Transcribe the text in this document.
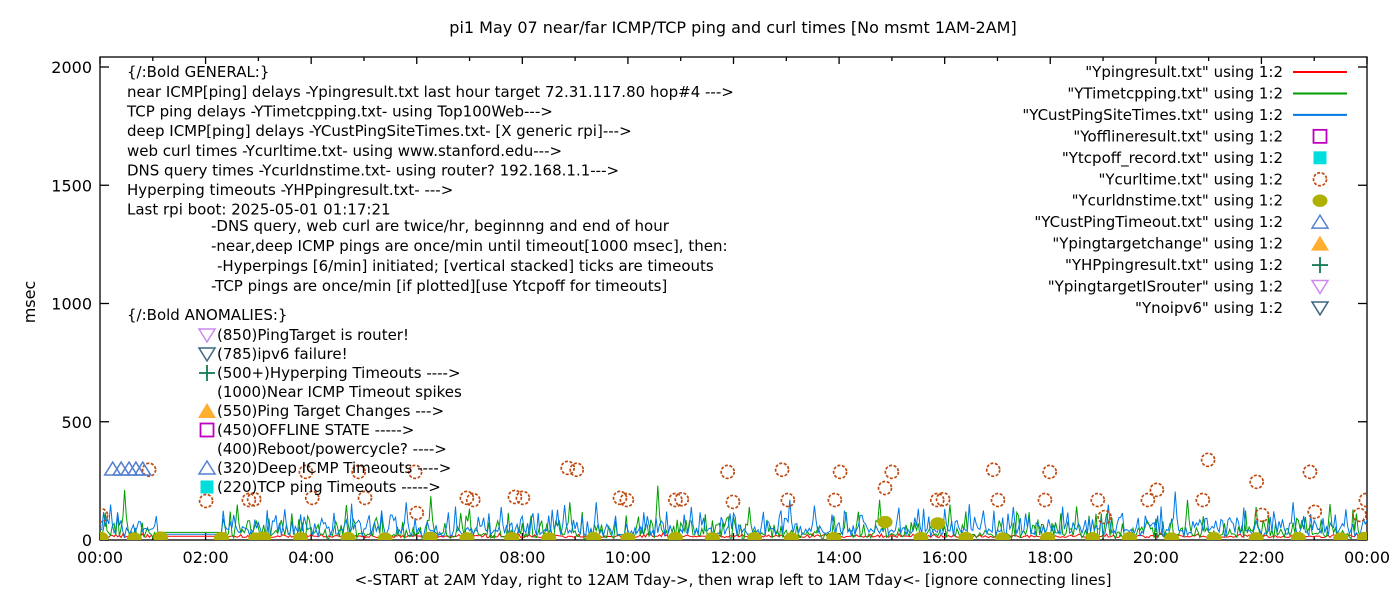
pi1 May 07 near/far ICMP/TCP ping and curl times [No msmt 1AM-2AM]
msec
<-START at 2AM Yday, right to 12AM Tday->, then wrap left to 1AM Tday<- [ignore connecting lines]
0
500
1000
1500
2000
00:00	02:00	04:00	06:00	08:00	10:00	12:00	14:00	16:00	18:00	20:00	22:00	00:00
"Ypingresult.txt" using 1:2
"YTimetcpping.txt" using 1:2
"YCustPingSiteTimes.txt" using 1:2
"Yofflineresult.txt" using 1:2
"Ytcpoff_record.txt" using 1:2
"Ycurltime.txt" using 1:2
"Ycurldnstime.txt" using 1:2
"YCustPingTimeout.txt" using 1:2
"Ypingtargetchange" using 1:2
"YHPpingresult.txt" using 1:2
"YpingtargetISrouter" using 1:2
"Ynoipv6" using 1:2
{/:Bold GENERAL:}
near ICMP[ping] delays -Ypingresult.txt last hour target 72.31.117.80 hop#4 --->
TCP ping delays -YTimetcpping.txt- using Top100Web--->
deep ICMP[ping] delays -YCustPingSiteTimes.txt- [X generic rpi]--->
web curl times -Ycurltime.txt- using www.stanford.edu--->
DNS query times -Ycurldnstime.txt- using router? 192.168.1.1--->
Hyperping timeouts -YHPpingresult.txt- --->
Last rpi boot: 2025-05-01 01:17:21
-DNS query, web curl are twice/hr, beginnng and end of hour
-near,deep ICMP pings are once/min until timeout[1000 msec], then:
-Hyperpings [6/min] initiated; [vertical stacked] ticks are timeouts
-TCP pings are once/min [if plotted][use Ytcpoff for timeouts]
{/:Bold ANOMALIES:}
(850)PingTarget is router!
(785)ipv6 failure!
(500+)Hyperping Timeouts ---->
(1000)Near ICMP Timeout spikes
(550)Ping Target Changes --->
(450)OFFLINE STATE ----->
(400)Reboot/powercycle? ---->
(320)Deep ICMP Timeouts ---->
(220)TCP ping Timeouts ----->
